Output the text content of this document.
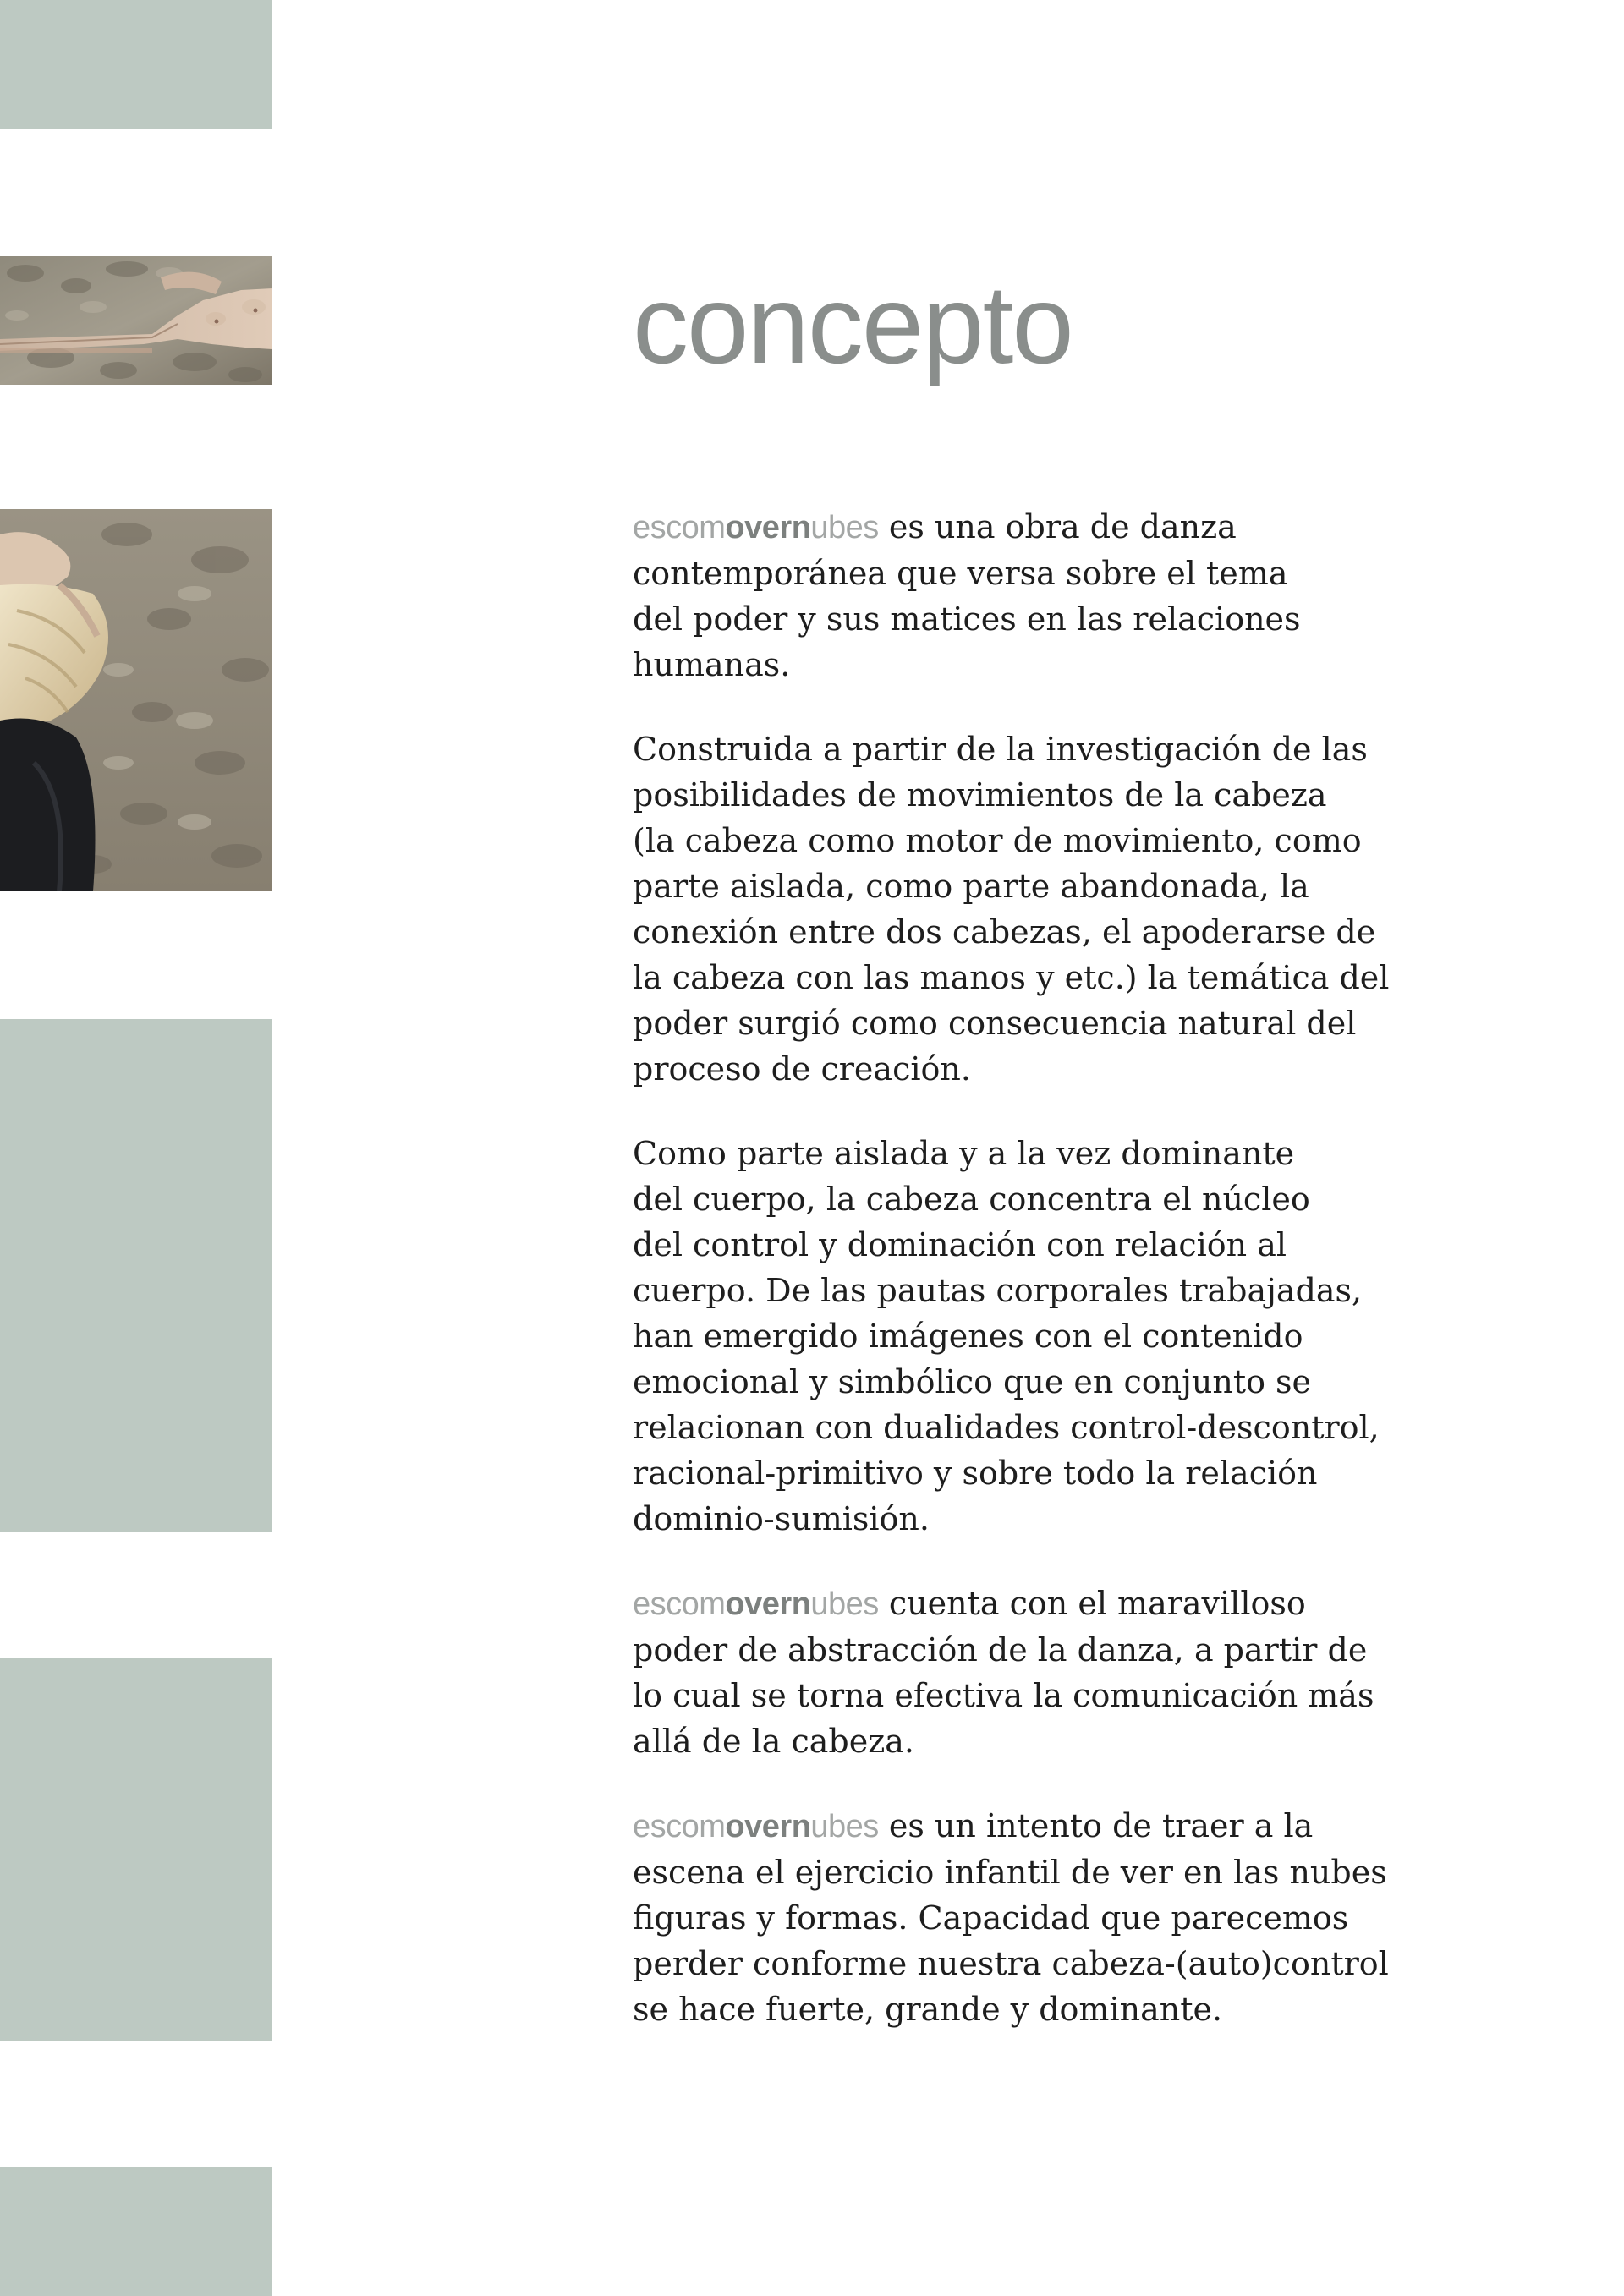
concepto

escomovernubes es una obra de danza
contemporánea que versa sobre el tema
del poder y sus matices en las relaciones
humanas.

Construida a partir de la investigación de las
posibilidades de movimientos de la cabeza
(la cabeza como motor de movimiento, como
parte aislada, como parte abandonada, la
conexión entre dos cabezas, el apoderarse de
la cabeza con las manos y etc.) la temática del
poder surgió como consecuencia natural del
proceso de creación.

Como parte aislada y a la vez dominante
del cuerpo, la cabeza concentra el núcleo
del control y dominación con relación al
cuerpo. De las pautas corporales trabajadas,
han emergido imágenes con el contenido
emocional y simbólico que en conjunto se
relacionan con dualidades control-descontrol,
racional-primitivo y sobre todo la relación
dominio-sumisión.

escomovernubes cuenta con el maravilloso
poder de abstracción de la danza, a partir de
lo cual se torna efectiva la comunicación más
allá de la cabeza.

escomovernubes es un intento de traer a la
escena el ejercicio infantil de ver en las nubes
figuras y formas. Capacidad que parecemos
perder conforme nuestra cabeza-(auto)control
se hace fuerte, grande y dominante.
